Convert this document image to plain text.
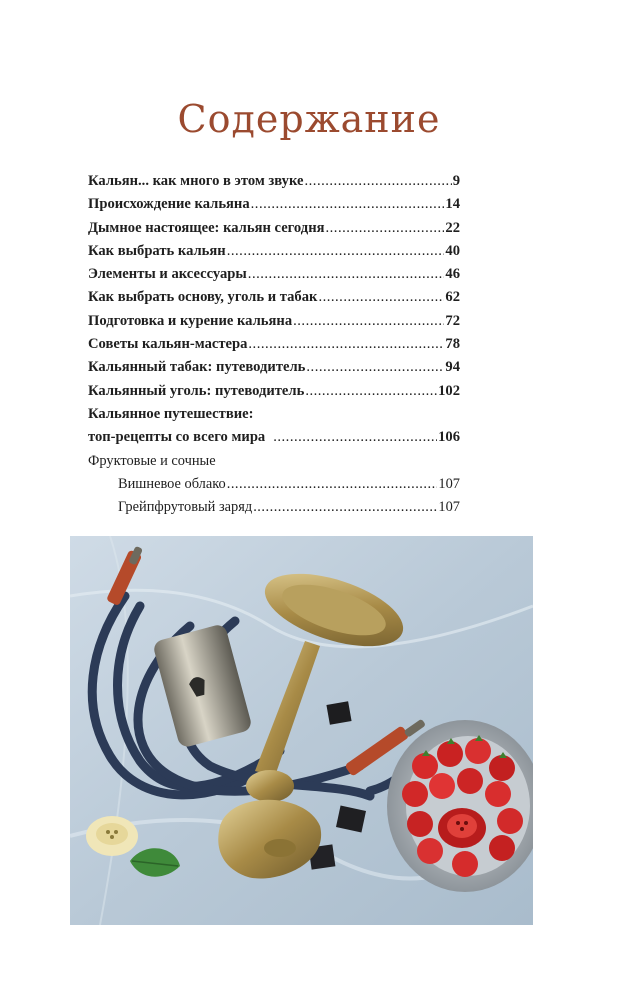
Содержание
Кальян... как много в этом звуке .....	9
Происхождение кальяна .....	14
Дымное настоящее: кальян сегодня .....	22
Как выбрать кальян .....	40
Элементы и аксессуары .....	46
Как выбрать основу, уголь и табак .....	62
Подготовка и курение кальяна .....	72
Советы кальян-мастера .....	78
Кальянный табак: путеводитель .....	94
Кальянный уголь: путеводитель .....	102
Кальянное путешествие:
топ-рецепты со всего мира .....	106
Фруктовые и сочные
Вишневое облако .....	107
Грейпфрутовый заряд .....	107
